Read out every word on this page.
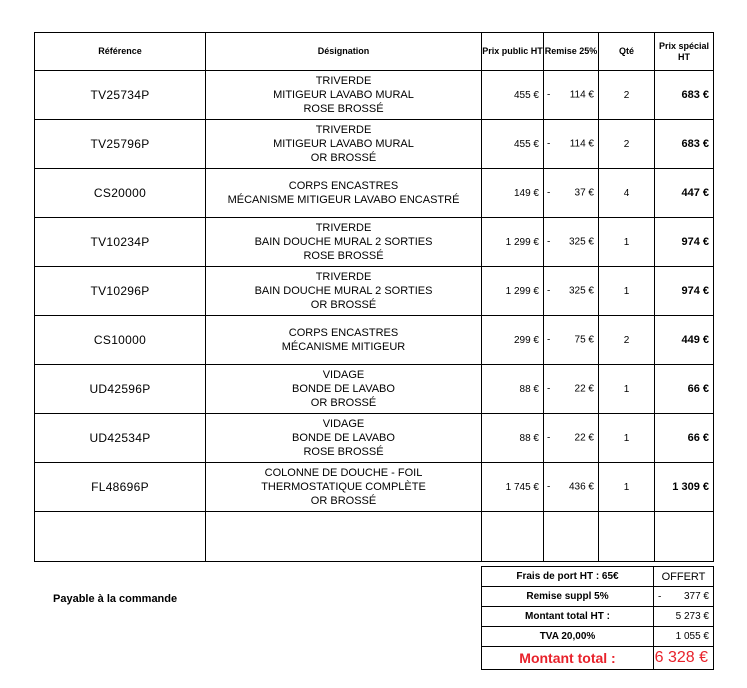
Référence	Désignation	Prix public HT	Remise 25%	Qté	Prix spécial
HT
TV25734P	TRIVERDE
MITIGEUR LAVABO MURAL
ROSE BROSSÉ	455 €	- 114 €	2	683 €
TV25796P	TRIVERDE
MITIGEUR LAVABO MURAL
OR BROSSÉ	455 €	- 114 €	2	683 €
CS20000	CORPS ENCASTRES
MÉCANISME MITIGEUR LAVABO ENCASTRÉ	149 €	- 37 €	4	447 €
TV10234P	TRIVERDE
BAIN DOUCHE MURAL 2 SORTIES
ROSE BROSSÉ	1 299 €	- 325 €	1	974 €
TV10296P	TRIVERDE
BAIN DOUCHE MURAL 2 SORTIES
OR BROSSÉ	1 299 €	- 325 €	1	974 €
CS10000	CORPS ENCASTRES
MÉCANISME MITIGEUR	299 €	- 75 €	2	449 €
UD42596P	VIDAGE
BONDE DE LAVABO
OR BROSSÉ	88 €	- 22 €	1	66 €
UD42534P	VIDAGE
BONDE DE LAVABO
ROSE BROSSÉ	88 €	- 22 €	1	66 €
FL48696P	COLONNE DE DOUCHE - FOIL
THERMOSTATIQUE COMPLÈTE
OR BROSSÉ	1 745 €	- 436 €	1	1 309 €

Payable à la commande
Frais de port HT : 65€	OFFERT
Remise suppl 5%	- 377 €
Montant total HT :	5 273 €
TVA 20,00%	1 055 €
Montant total :	6 328 €
